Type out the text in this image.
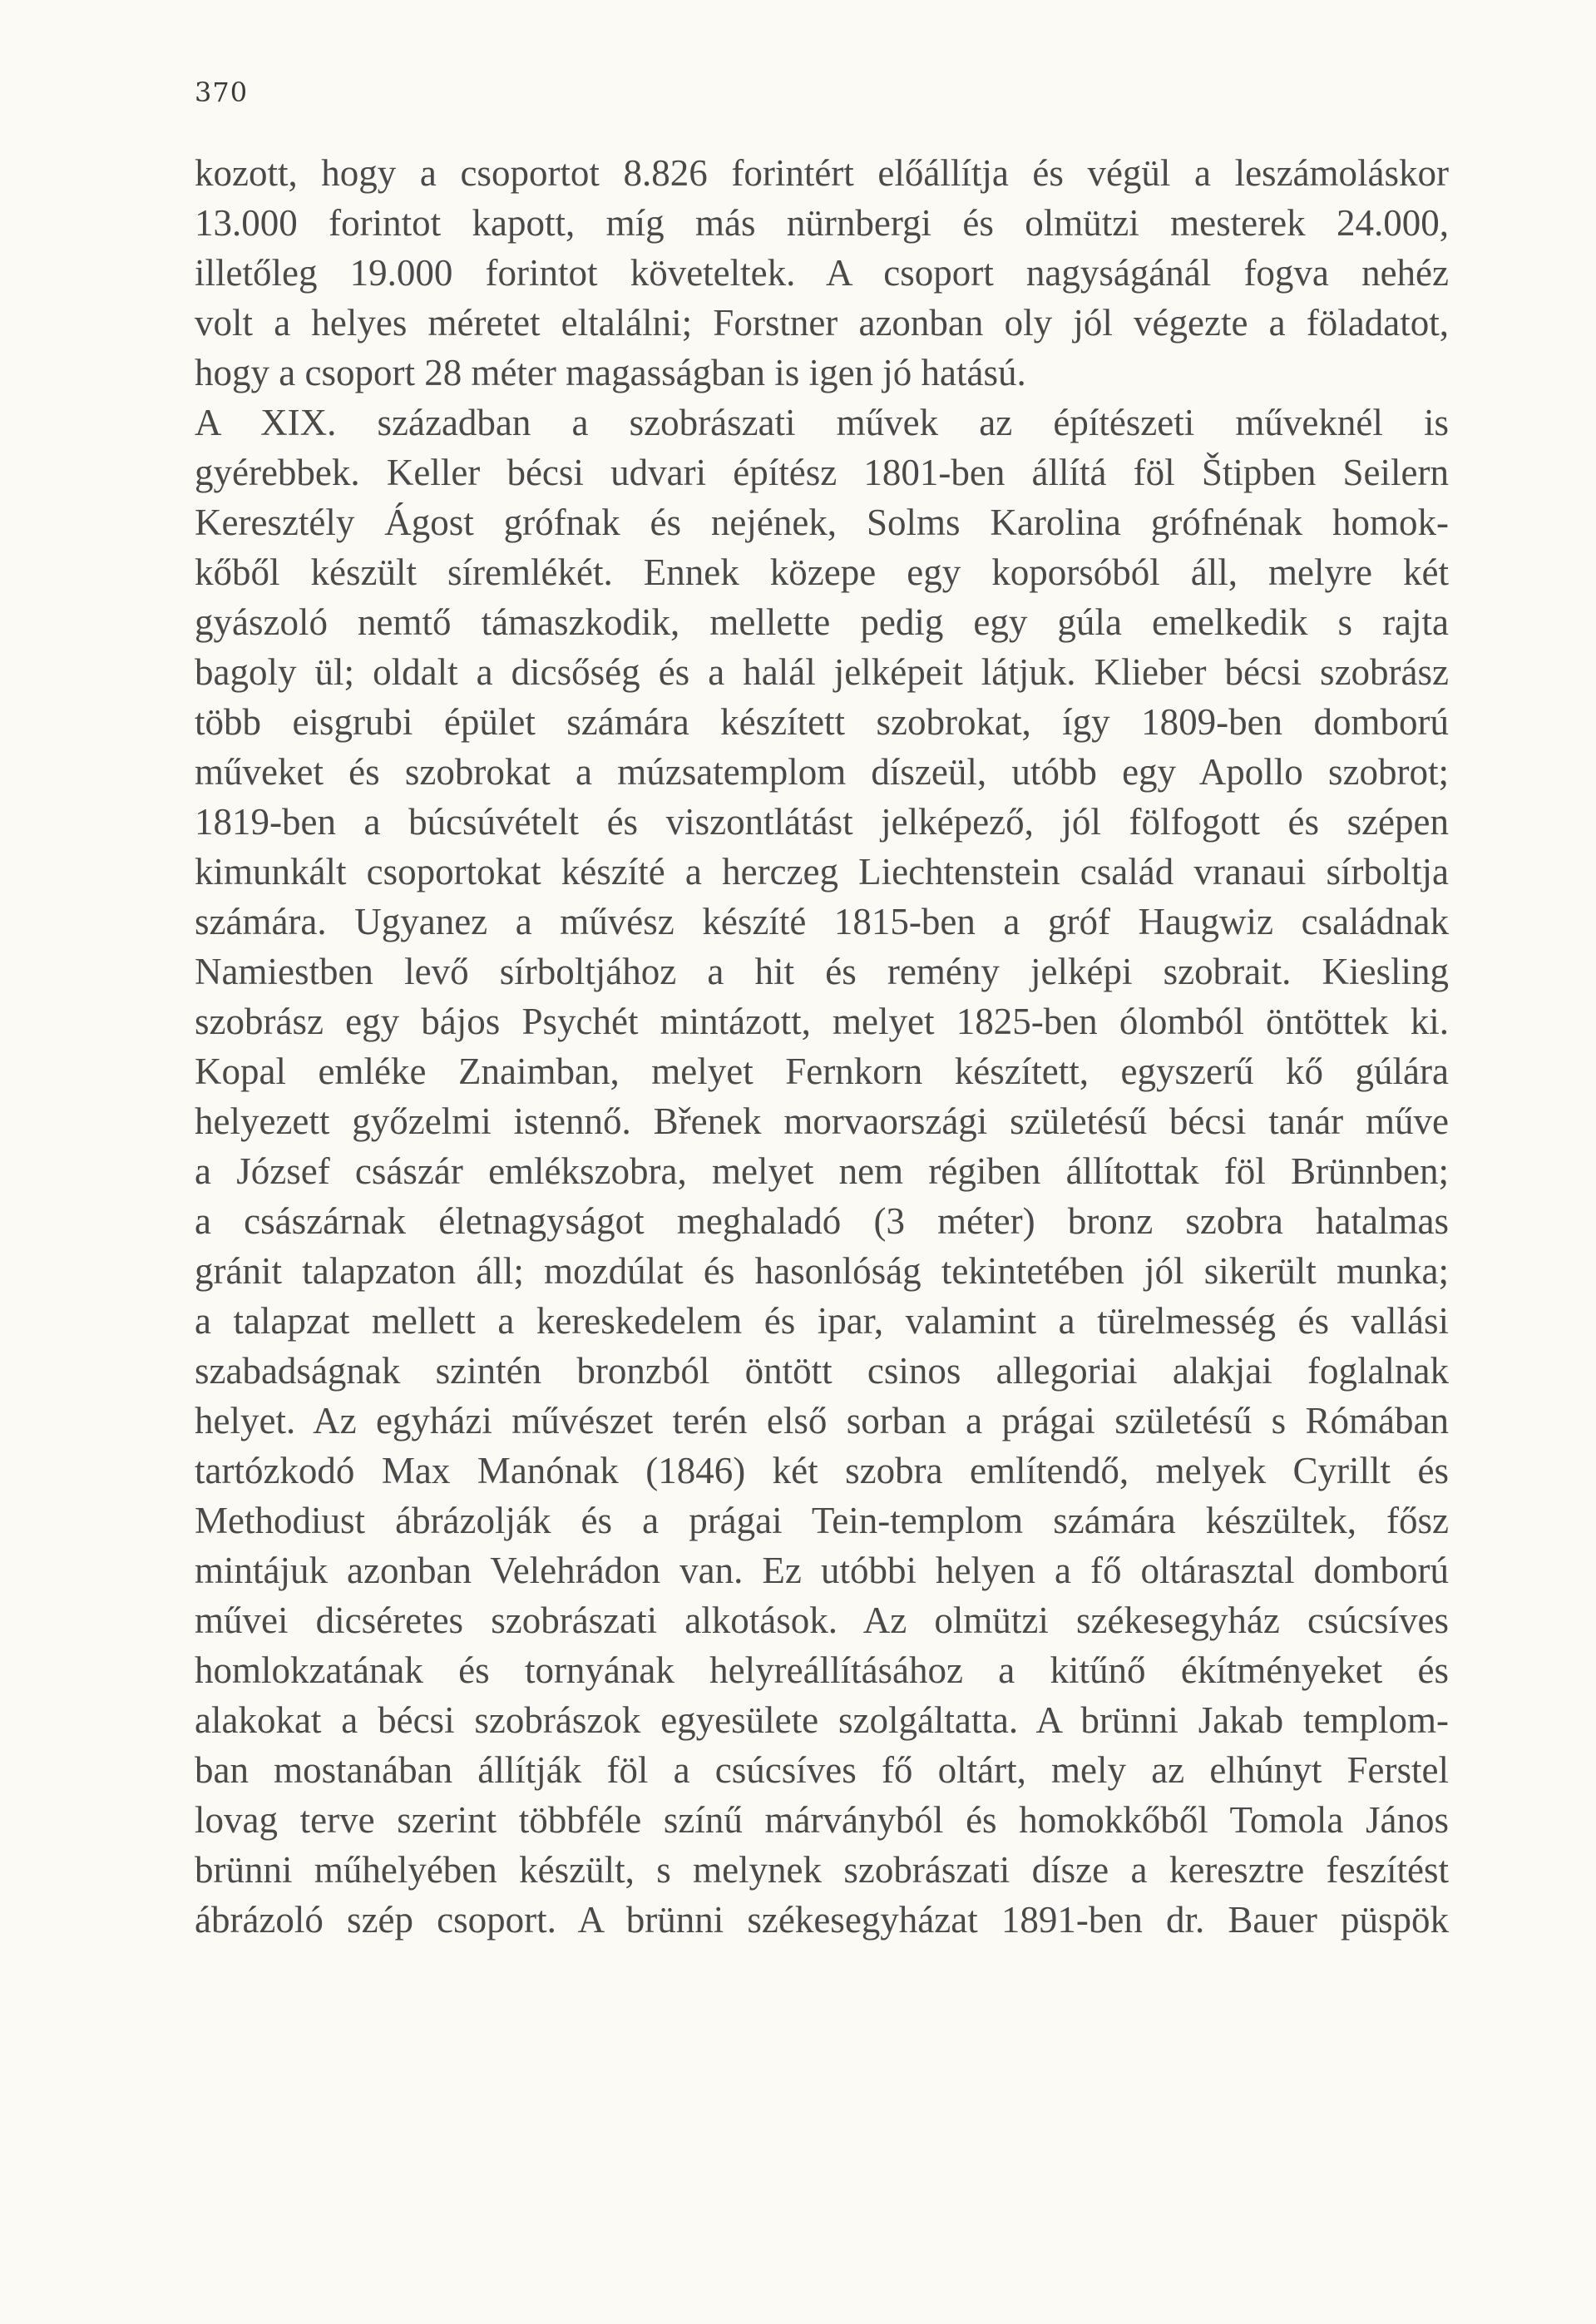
370
kozott, hogy a csoportot 8.826 forintért előállítja és végül a leszámoláskor
13.000 forintot kapott, míg más nürnbergi és olmützi mesterek 24.000,
illetőleg 19.000 forintot követeltek. A csoport nagyságánál fogva nehéz
volt a helyes méretet eltalálni; Forstner azonban oly jól végezte a föladatot,
hogy a csoport 28 méter magasságban is igen jó hatású.
A XIX. században a szobrászati művek az építészeti műveknél is
gyérebbek. Keller bécsi udvari építész 1801-ben állítá föl Štipben Seilern
Keresztély Ágost grófnak és nejének, Solms Karolina grófnénak homok-
kőből készült síremlékét. Ennek közepe egy koporsóból áll, melyre két
gyászoló nemtő támaszkodik, mellette pedig egy gúla emelkedik s rajta
bagoly ül; oldalt a dicsőség és a halál jelképeit látjuk. Klieber bécsi szobrász
több eisgrubi épület számára készített szobrokat, így 1809-ben domború
műveket és szobrokat a múzsatemplom díszeül, utóbb egy Apollo szobrot;
1819-ben a búcsúvételt és viszontlátást jelképező, jól fölfogott és szépen
kimunkált csoportokat készíté a herczeg Liechtenstein család vranaui sírboltja
számára. Ugyanez a művész készíté 1815-ben a gróf Haugwiz családnak
Namiestben levő sírboltjához a hit és remény jelképi szobrait. Kiesling
szobrász egy bájos Psychét mintázott, melyet 1825-ben ólomból öntöttek ki.
Kopal emléke Znaimban, melyet Fernkorn készített, egyszerű kő gúlára
helyezett győzelmi istennő. Břenek morvaországi születésű bécsi tanár műve
a József császár emlékszobra, melyet nem régiben állítottak föl Brünnben;
a császárnak életnagyságot meghaladó (3 méter) bronz szobra hatalmas
gránit talapzaton áll; mozdúlat és hasonlóság tekintetében jól sikerült munka;
a talapzat mellett a kereskedelem és ipar, valamint a türelmesség és vallási
szabadságnak szintén bronzból öntött csinos allegoriai alakjai foglalnak
helyet. Az egyházi művészet terén első sorban a prágai születésű s Rómában
tartózkodó Max Manónak (1846) két szobra említendő, melyek Cyrillt és
Methodiust ábrázolják és a prágai Tein-templom számára készültek, fősz
mintájuk azonban Velehrádon van. Ez utóbbi helyen a fő oltárasztal domború
művei dicséretes szobrászati alkotások. Az olmützi székesegyház csúcsíves
homlokzatának és tornyának helyreállításához a kitűnő ékítményeket és
alakokat a bécsi szobrászok egyesülete szolgáltatta. A brünni Jakab templom-
ban mostanában állítják föl a csúcsíves fő oltárt, mely az elhúnyt Ferstel
lovag terve szerint többféle színű márványból és homokkőből Tomola János
brünni műhelyében készült, s melynek szobrászati dísze a keresztre feszítést
ábrázoló szép csoport. A brünni székesegyházat 1891-ben dr. Bauer püspök
